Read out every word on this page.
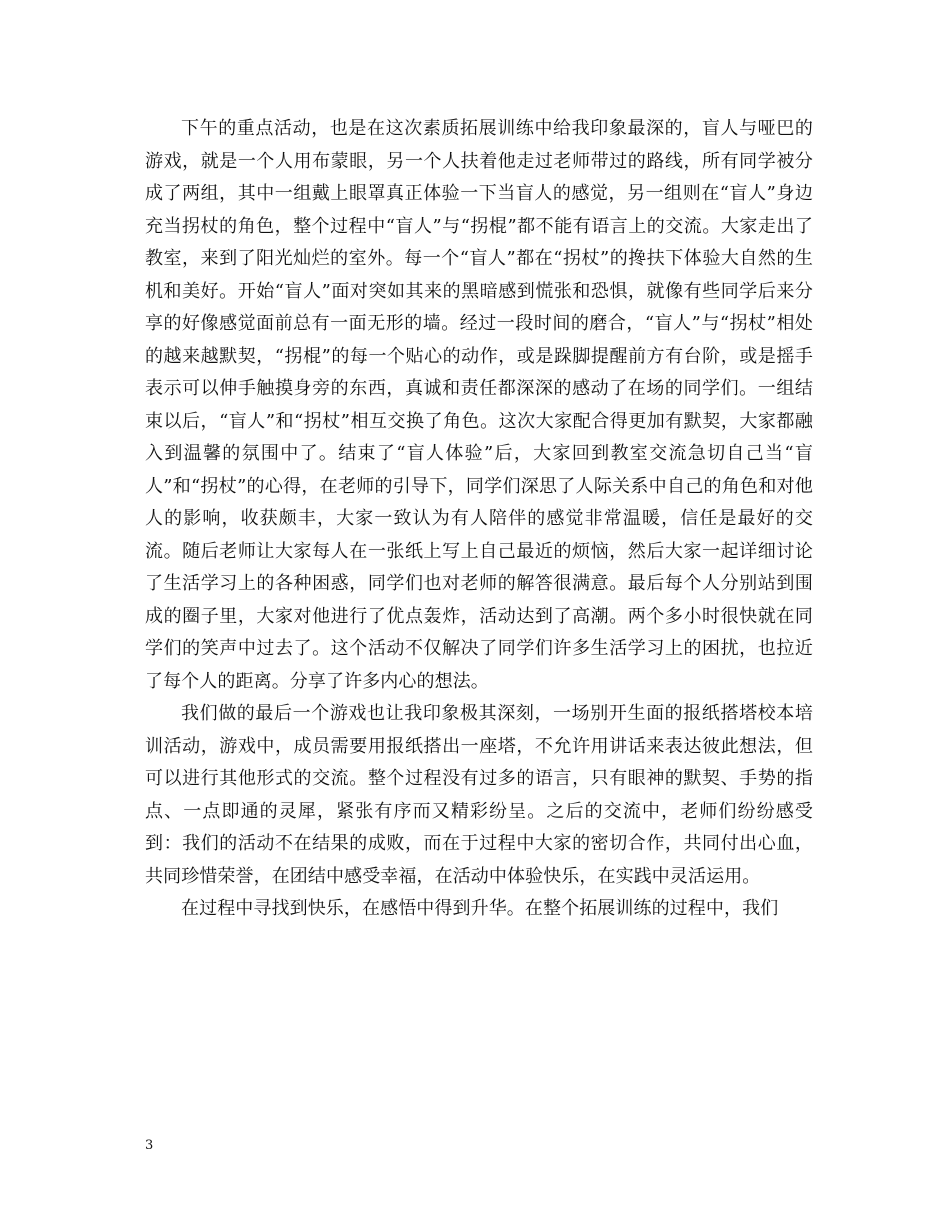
下午的重点活动，也是在这次素质拓展训练中给我印象最深的，盲人与哑巴的游戏，就是一个人用布蒙眼，另一个人扶着他走过老师带过的路线，所有同学被分成了两组，其中一组戴上眼罩真正体验一下当盲人的感觉，另一组则在“盲人”身边充当拐杖的角色，整个过程中“盲人”与“拐棍”都不能有语言上的交流。大家走出了教室，来到了阳光灿烂的室外。每一个“盲人”都在“拐杖”的搀扶下体验大自然的生机和美好。开始“盲人”面对突如其来的黑暗感到慌张和恐惧，就像有些同学后来分享的好像感觉面前总有一面无形的墙。经过一段时间的磨合，“盲人”与“拐杖”相处的越来越默契，“拐棍”的每一个贴心的动作，或是跺脚提醒前方有台阶，或是摇手表示可以伸手触摸身旁的东西，真诚和责任都深深的感动了在场的同学们。一组结束以后，“盲人”和“拐杖”相互交换了角色。这次大家配合得更加有默契，大家都融入到温馨的氛围中了。结束了“盲人体验”后，大家回到教室交流急切自己当“盲人”和“拐杖”的心得，在老师的引导下，同学们深思了人际关系中自己的角色和对他人的影响，收获颇丰，大家一致认为有人陪伴的感觉非常温暖，信任是最好的交流。随后老师让大家每人在一张纸上写上自己最近的烦恼，然后大家一起详细讨论了生活学习上的各种困惑，同学们也对老师的解答很满意。最后每个人分别站到围成的圈子里，大家对他进行了优点轰炸，活动达到了高潮。两个多小时很快就在同学们的笑声中过去了。这个活动不仅解决了同学们许多生活学习上的困扰，也拉近了每个人的距离。分享了许多内心的想法。

我们做的最后一个游戏也让我印象极其深刻，一场别开生面的报纸搭塔校本培训活动，游戏中，成员需要用报纸搭出一座塔，不允许用讲话来表达彼此想法，但可以进行其他形式的交流。整个过程没有过多的语言，只有眼神的默契、手势的指点、一点即通的灵犀，紧张有序而又精彩纷呈。之后的交流中，老师们纷纷感受到：我们的活动不在结果的成败，而在于过程中大家的密切合作，共同付出心血，共同珍惜荣誉，在团结中感受幸福，在活动中体验快乐，在实践中灵活运用。

在过程中寻找到快乐，在感悟中得到升华。在整个拓展训练的过程中，我们

3
